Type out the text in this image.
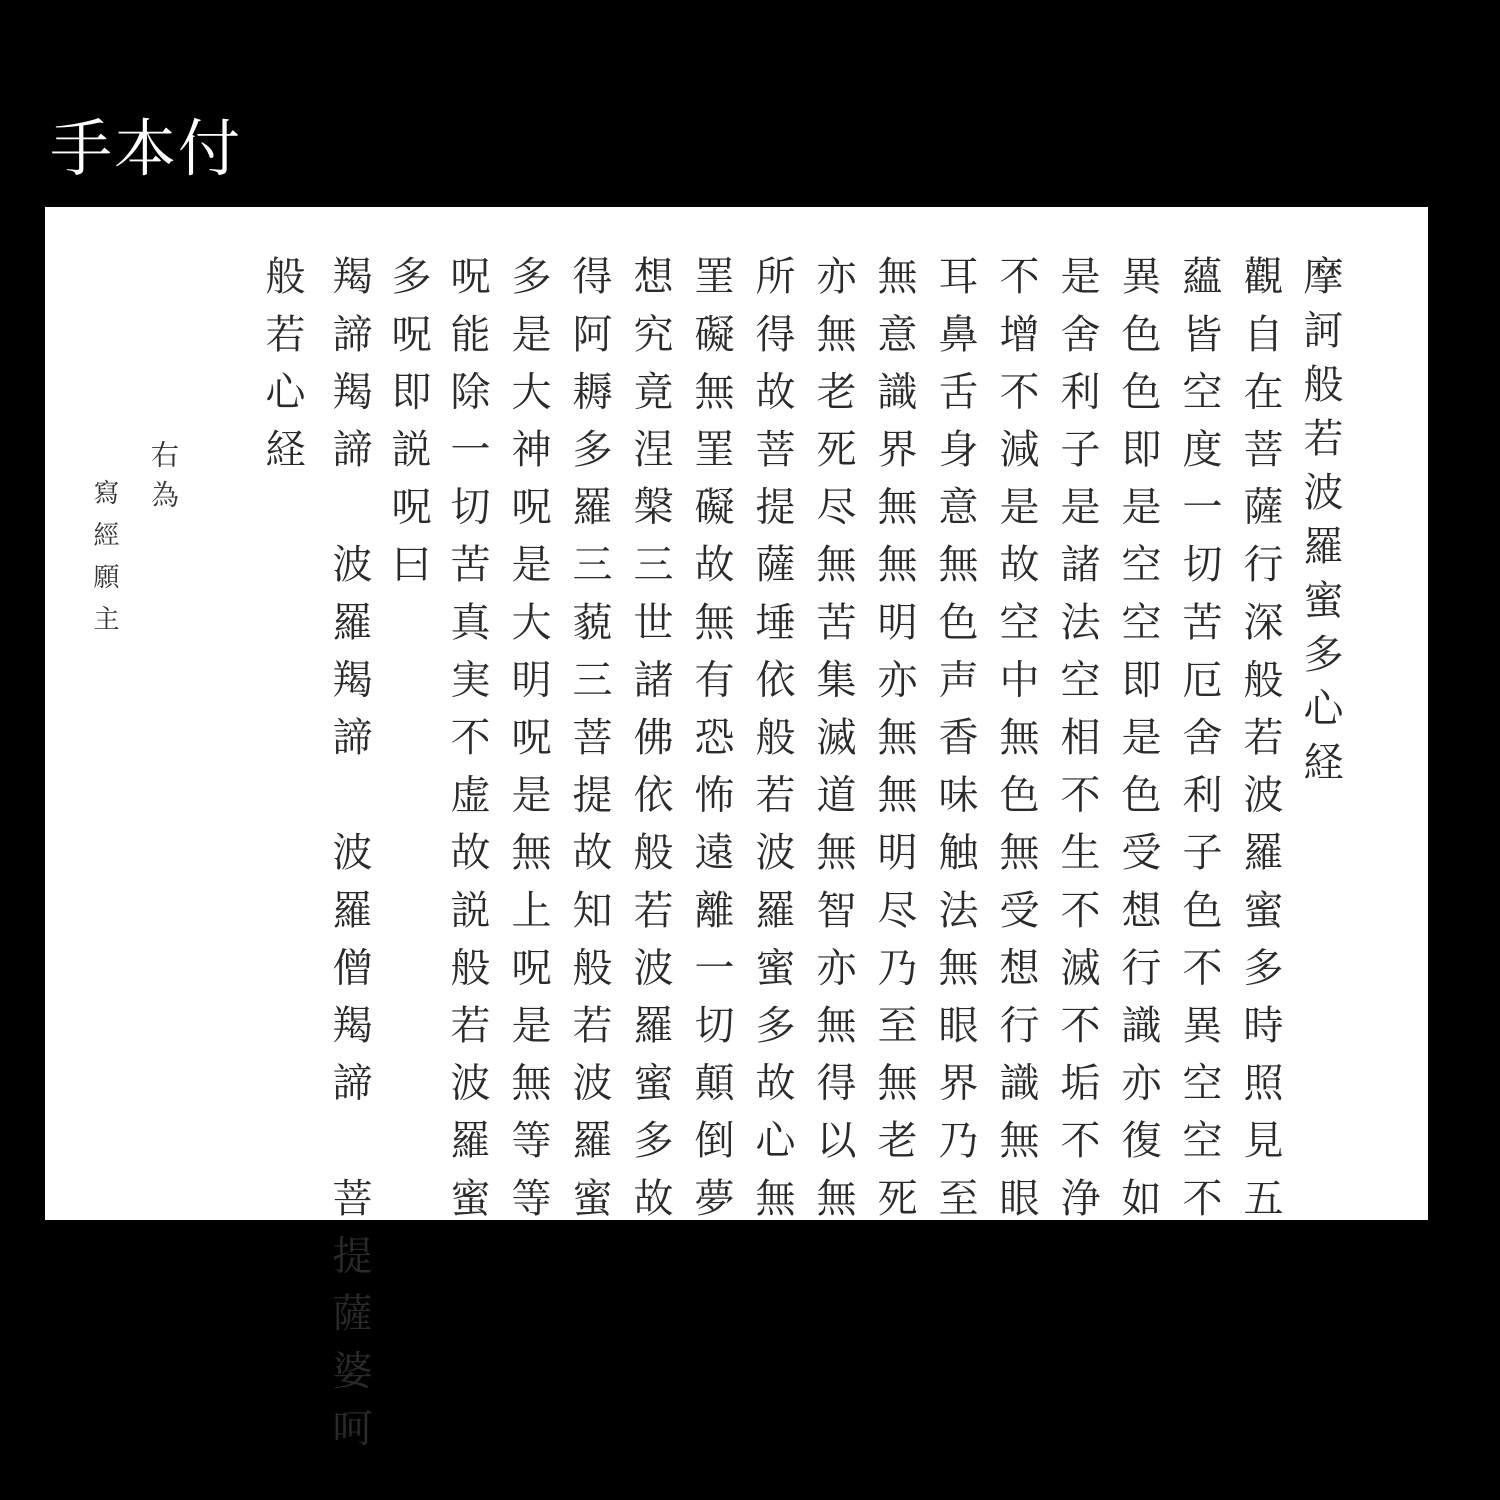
手本付

摩訶般若波羅蜜多心経

觀自在菩薩行深般若波羅蜜多時照見五

蘊皆空度一切苦厄舍利子色不異空空不

異色色即是空空即是色受想行識亦復如

是舍利子是諸法空相不生不滅不垢不浄

不增不減是故空中無色無受想行識無眼

耳鼻舌身意無色声香味触法無眼界乃至

無意識界無無明亦無無明尽乃至無老死

亦無老死尽無苦集滅道無智亦無得以無

所得故菩提薩埵依般若波羅蜜多故心無

罣礙無罣礙故無有恐怖遠離一切顛倒夢

想究竟涅槃三世諸佛依般若波羅蜜多故

得阿耨多羅三藐三菩提故知般若波羅蜜

多是大神呪是大明呪是無上呪是無等等

呪能除一切苦真実不虚故説般若波羅蜜

多呪即説呪曰

羯諦羯諦　波羅羯諦　波羅僧羯諦　菩提薩婆呵

般若心経

右為

寫經願主
